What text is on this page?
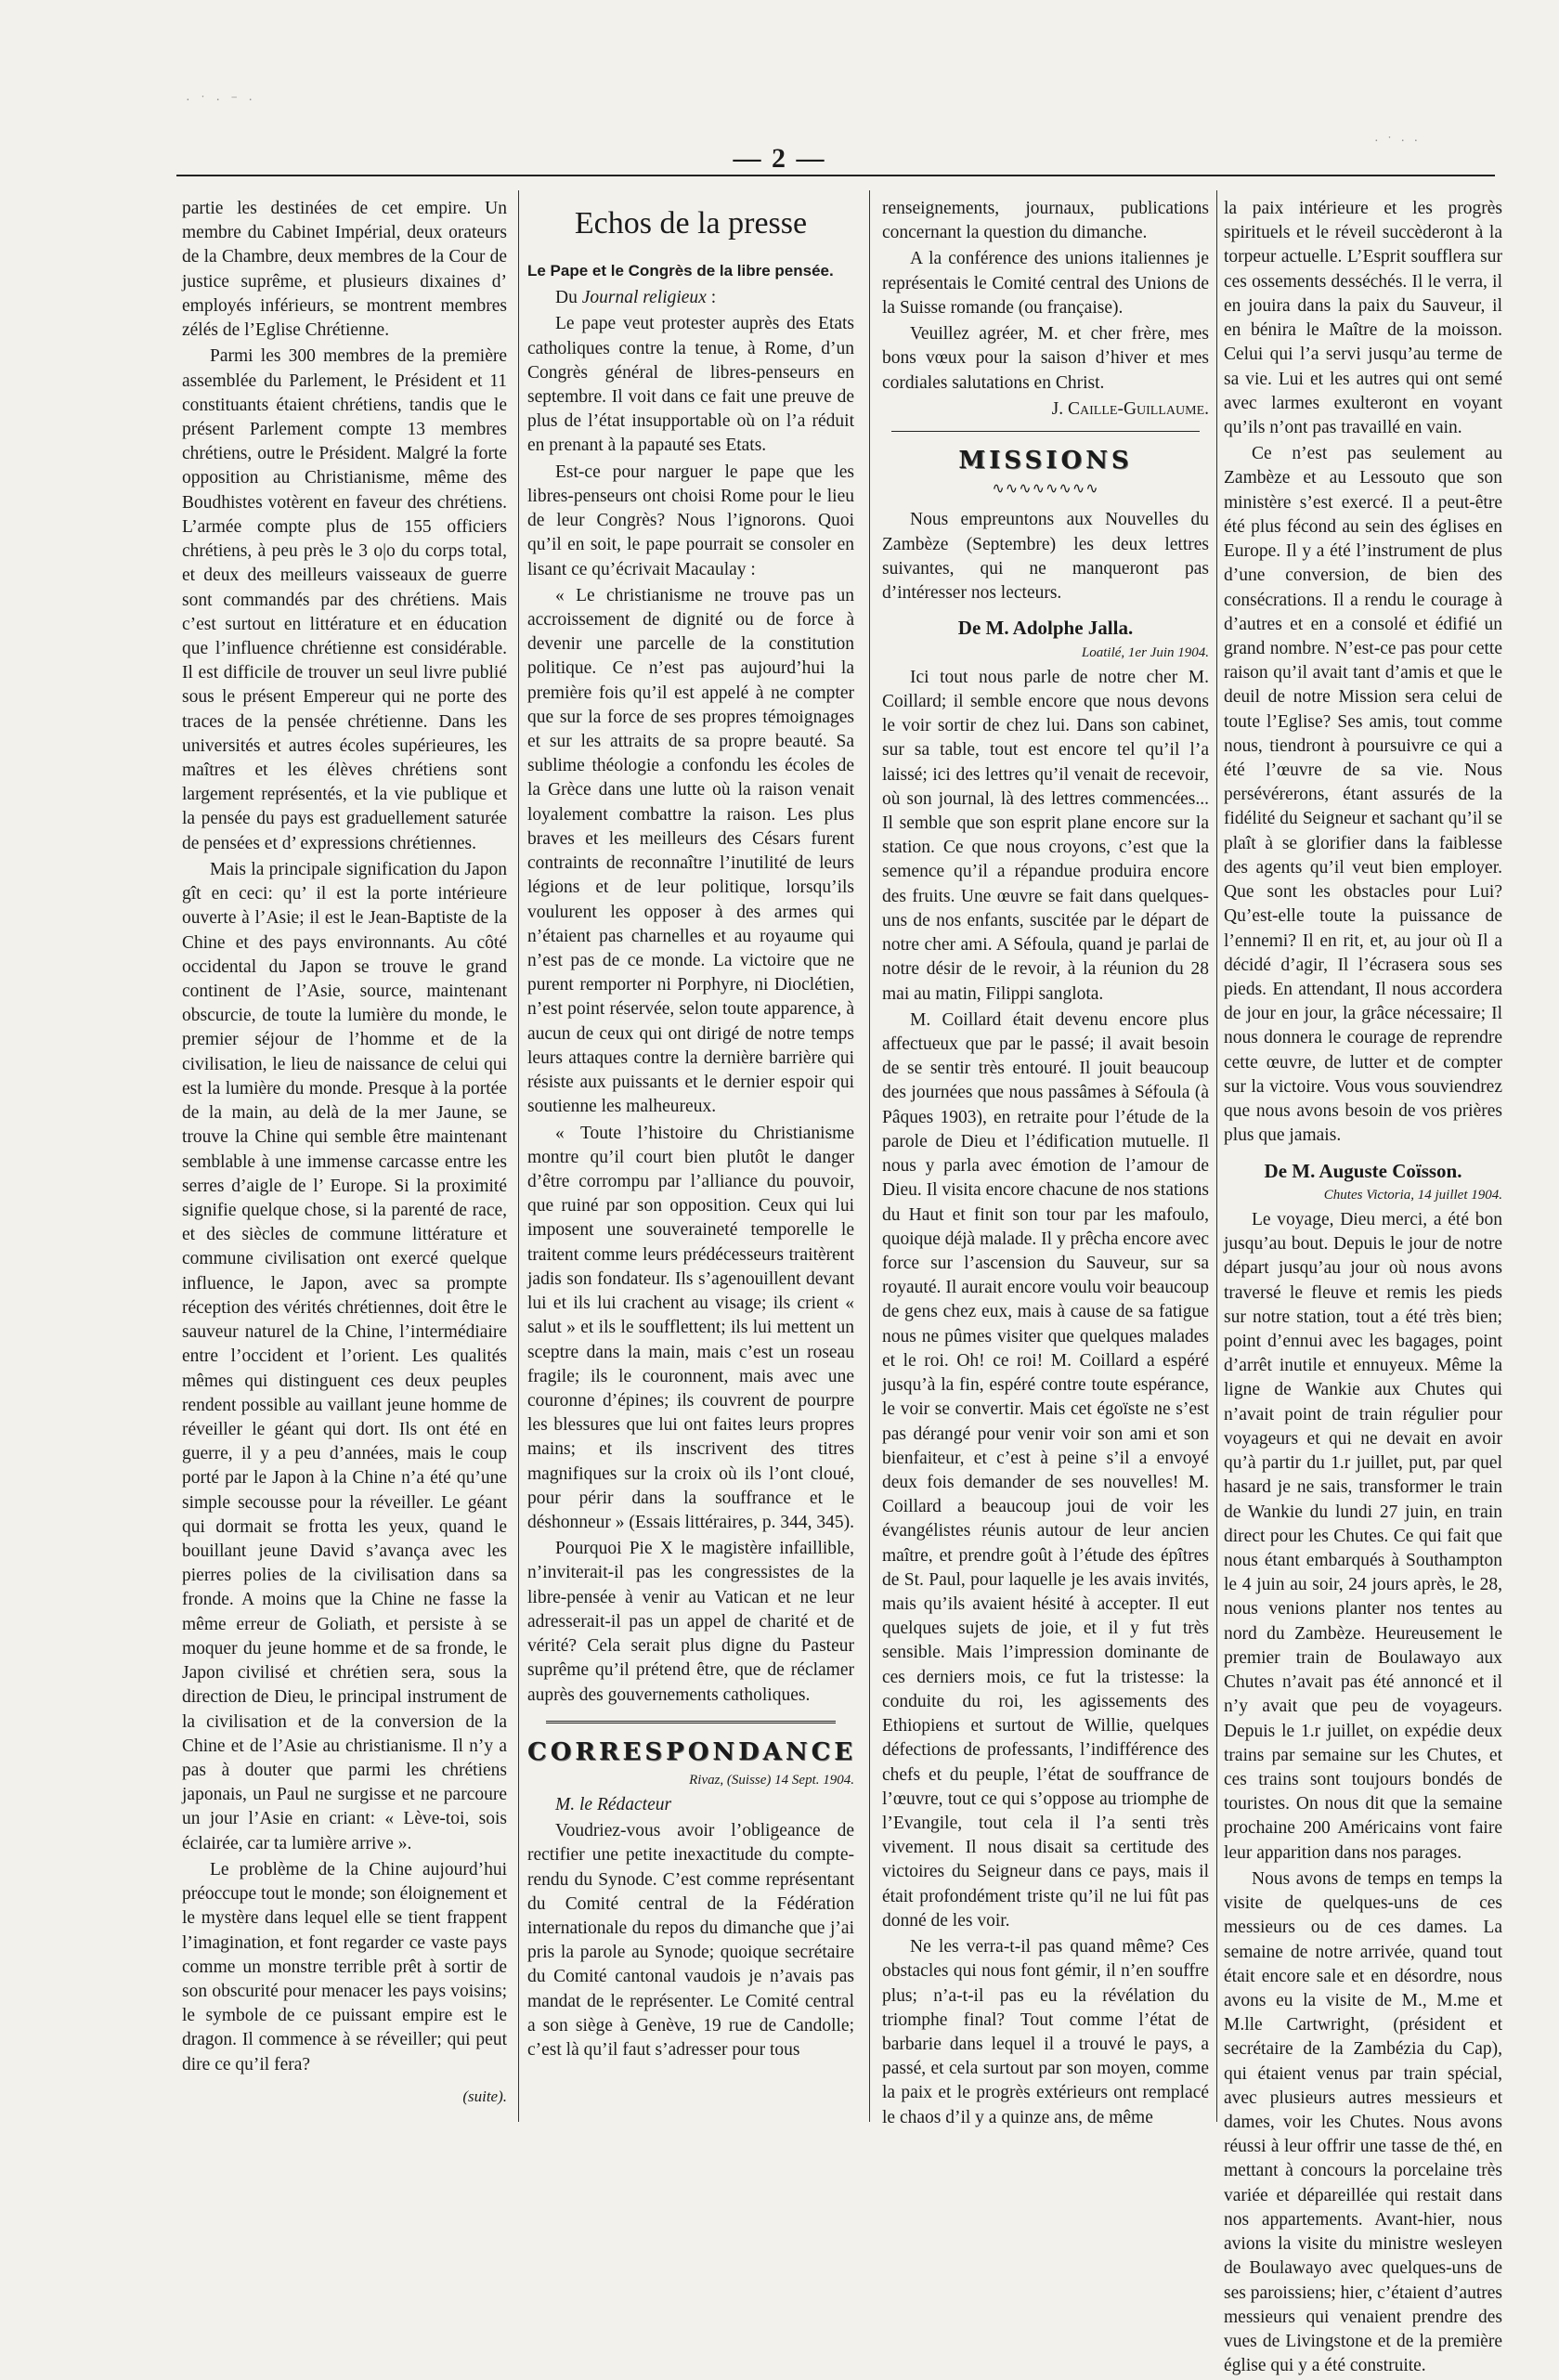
· ˙ · ⁻ ·
· ˙ · ·
— 2 —

partie les destinées de cet empire. Un membre du Cabinet Impérial, deux orateurs de la Chambre, deux membres de la Cour de justice suprême, et plusieurs dixaines d’ employés inférieurs, se montrent membres zélés de l’Eglise Chrétienne.

Parmi les 300 membres de la première assemblée du Parlement, le Président et 11 constituants étaient chrétiens, tandis que le présent Parlement compte 13 membres chrétiens, outre le Président. Malgré la forte opposition au Christianisme, même des Boudhistes votèrent en faveur des chrétiens. L’armée compte plus de 155 officiers chrétiens, à peu près le 3 o|o du corps total, et deux des meilleurs vaisseaux de guerre sont commandés par des chrétiens. Mais c’est surtout en littérature et en éducation que l’influence chrétienne est considérable. Il est difficile de trouver un seul livre publié sous le présent Empereur qui ne porte des traces de la pensée chrétienne. Dans les universités et autres écoles supérieures, les maîtres et les élèves chrétiens sont largement représentés, et la vie publique et la pensée du pays est graduellement saturée de pensées et d’ expressions chrétiennes.

Mais la principale signification du Japon gît en ceci: qu’ il est la porte intérieure ouverte à l’Asie; il est le Jean-Baptiste de la Chine et des pays environnants. Au côté occidental du Japon se trouve le grand continent de l’Asie, source, maintenant obscurcie, de toute la lumière du monde, le premier séjour de l’homme et de la civilisation, le lieu de naissance de celui qui est la lumière du monde. Presque à la portée de la main, au delà de la mer Jaune, se trouve la Chine qui semble être maintenant semblable à une immense carcasse entre les serres d’aigle de l’ Europe. Si la proximité signifie quelque chose, si la parenté de race, et des siècles de commune littérature et commune civilisation ont exercé quelque influence, le Japon, avec sa prompte réception des vérités chrétiennes, doit être le sauveur naturel de la Chine, l’intermédiaire entre l’occident et l’orient. Les qualités mêmes qui distinguent ces deux peuples rendent possible au vaillant jeune homme de réveiller le géant qui dort. Ils ont été en guerre, il y a peu d’années, mais le coup porté par le Japon à la Chine n’a été qu’une simple secousse pour la réveiller. Le géant qui dormait se frotta les yeux, quand le bouillant jeune David s’avança avec les pierres polies de la civilisation dans sa fronde. A moins que la Chine ne fasse la même erreur de Goliath, et persiste à se moquer du jeune homme et de sa fronde, le Japon civilisé et chrétien sera, sous la direction de Dieu, le principal instrument de la civilisation et de la conversion de la Chine et de l’Asie au christianisme. Il n’y a pas à douter que parmi les chrétiens japonais, un Paul ne surgisse et ne parcoure un jour l’Asie en criant: « Lève-toi, sois éclairée, car ta lumière arrive ».

Le problème de la Chine aujourd’hui préoccupe tout le monde; son éloignement et le mystère dans lequel elle se tient frappent l’imagination, et font regarder ce vaste pays comme un monstre terrible prêt à sortir de son obscurité pour menacer les pays voisins; le symbole de ce puissant empire est le dragon. Il commence à se réveiller; qui peut dire ce qu’il fera?

(suite).
Echos de la presse
Le Pape et le Congrès de la libre pensée.

Du Journal religieux :

Le pape veut protester auprès des Etats catholiques contre la tenue, à Rome, d’un Congrès général de libres-penseurs en septembre. Il voit dans ce fait une preuve de plus de l’état insupportable où on l’a réduit en prenant à la papauté ses Etats.

Est-ce pour narguer le pape que les libres-penseurs ont choisi Rome pour le lieu de leur Congrès? Nous l’ignorons. Quoi qu’il en soit, le pape pourrait se consoler en lisant ce qu’écrivait Macaulay :

« Le christianisme ne trouve pas un accroissement de dignité ou de force à devenir une parcelle de la constitution politique. Ce n’est pas aujourd’hui la première fois qu’il est appelé à ne compter que sur la force de ses propres témoignages et sur les attraits de sa propre beauté. Sa sublime théologie a confondu les écoles de la Grèce dans une lutte où la raison venait loyalement combattre la raison. Les plus braves et les meilleurs des Césars furent contraints de reconnaître l’inutilité de leurs légions et de leur politique, lorsqu’ils voulurent les opposer à des armes qui n’étaient pas charnelles et au royaume qui n’est pas de ce monde. La victoire que ne purent remporter ni Porphyre, ni Dioclétien, n’est point réservée, selon toute apparence, à aucun de ceux qui ont dirigé de notre temps leurs attaques contre la dernière barrière qui résiste aux puissants et le dernier espoir qui soutienne les malheureux.

« Toute l’histoire du Christianisme montre qu’il court bien plutôt le danger d’être corrompu par l’alliance du pouvoir, que ruiné par son opposition. Ceux qui lui imposent une souveraineté temporelle le traitent comme leurs prédécesseurs traitèrent jadis son fondateur. Ils s’agenouillent devant lui et ils lui crachent au visage; ils crient « salut » et ils le soufflettent; ils lui mettent un sceptre dans la main, mais c’est un roseau fragile; ils le couronnent, mais avec une couronne d’épines; ils couvrent de pourpre les blessures que lui ont faites leurs propres mains; et ils inscrivent des titres magnifiques sur la croix où ils l’ont cloué, pour périr dans la souffrance et le déshonneur » (Essais littéraires, p. 344, 345).

Pourquoi Pie X le magistère infaillible, n’inviterait-il pas les congressistes de la libre-pensée à venir au Vatican et ne leur adresserait-il pas un appel de charité et de vérité? Cela serait plus digne du Pasteur suprême qu’il prétend être, que de réclamer auprès des gouvernements catholiques.

CORRESPONDANCE
Rivaz, (Suisse) 14 Sept. 1904.

M. le Rédacteur

Voudriez-vous avoir l’obligeance de rectifier une petite inexactitude du compte-rendu du Synode. C’est comme représentant du Comité central de la Fédération internationale du repos du dimanche que j’ai pris la parole au Synode; quoique secrétaire du Comité cantonal vaudois je n’avais pas mandat de le représenter. Le Comité central a son siège à Genève, 19 rue de Candolle; c’est là qu’il faut s’adresser pour tous

renseignements, journaux, publications concernant la question du dimanche.

A la conférence des unions italiennes je représentais le Comité central des Unions de la Suisse romande (ou française).

Veuillez agréer, M. et cher frère, mes bons vœux pour la saison d’hiver et mes cordiales salutations en Christ.

J. Caille-Guillaume.
MISSIONS
∿∿∿∿∿∿∿∿

Nous empreuntons aux Nouvelles du Zambèze (Septembre) les deux lettres suivantes, qui ne manqueront pas d’intéresser nos lecteurs.

De M. Adolphe Jalla.
Loatilé, 1er Juin 1904.

Ici tout nous parle de notre cher M. Coillard; il semble encore que nous devons le voir sortir de chez lui. Dans son cabinet, sur sa table, tout est encore tel qu’il l’a laissé; ici des lettres qu’il venait de recevoir, où son journal, là des lettres commencées... Il semble que son esprit plane encore sur la station. Ce que nous croyons, c’est que la semence qu’il a répandue produira encore des fruits. Une œuvre se fait dans quelques-uns de nos enfants, suscitée par le départ de notre cher ami. A Séfoula, quand je parlai de notre désir de le revoir, à la réunion du 28 mai au matin, Filippi sanglota.

M. Coillard était devenu encore plus affectueux que par le passé; il avait besoin de se sentir très entouré. Il jouit beaucoup des journées que nous passâmes à Séfoula (à Pâques 1903), en retraite pour l’étude de la parole de Dieu et l’édification mutuelle. Il nous y parla avec émotion de l’amour de Dieu. Il visita encore chacune de nos stations du Haut et finit son tour par les mafoulo, quoique déjà malade. Il y prêcha encore avec force sur l’ascension du Sauveur, sur sa royauté. Il aurait encore voulu voir beaucoup de gens chez eux, mais à cause de sa fatigue nous ne pûmes visiter que quelques malades et le roi. Oh! ce roi! M. Coillard a espéré jusqu’à la fin, espéré contre toute espérance, le voir se convertir. Mais cet égoïste ne s’est pas dérangé pour venir voir son ami et son bienfaiteur, et c’est à peine s’il a envoyé deux fois demander de ses nouvelles! M. Coillard a beaucoup joui de voir les évangélistes réunis autour de leur ancien maître, et prendre goût à l’étude des épîtres de St. Paul, pour laquelle je les avais invités, mais qu’ils avaient hésité à accepter. Il eut quelques sujets de joie, et il y fut très sensible. Mais l’impression dominante de ces derniers mois, ce fut la tristesse: la conduite du roi, les agissements des Ethiopiens et surtout de Willie, quelques défections de professants, l’indifférence des chefs et du peuple, l’état de souffrance de l’œuvre, tout ce qui s’oppose au triomphe de l’Evangile, tout cela il l’a senti très vivement. Il nous disait sa certitude des victoires du Seigneur dans ce pays, mais il était profondément triste qu’il ne lui fût pas donné de les voir.

Ne les verra-t-il pas quand même? Ces obstacles qui nous font gémir, il n’en souffre plus; n’a-t-il pas eu la révélation du triomphe final? Tout comme l’état de barbarie dans lequel il a trouvé le pays, a passé, et cela surtout par son moyen, comme la paix et le progrès extérieurs ont remplacé le chaos d’il y a quinze ans, de même

la paix intérieure et les progrès spirituels et le réveil succèderont à la torpeur actuelle. L’Esprit soufflera sur ces ossements desséchés. Il le verra, il en jouira dans la paix du Sauveur, il en bénira le Maître de la moisson. Celui qui l’a servi jusqu’au terme de sa vie. Lui et les autres qui ont semé avec larmes exulteront en voyant qu’ils n’ont pas travaillé en vain.

Ce n’est pas seulement au Zambèze et au Lessouto que son ministère s’est exercé. Il a peut-être été plus fécond au sein des églises en Europe. Il y a été l’instrument de plus d’une conversion, de bien des consécrations. Il a rendu le courage à d’autres et en a consolé et édifié un grand nombre. N’est-ce pas pour cette raison qu’il avait tant d’amis et que le deuil de notre Mission sera celui de toute l’Eglise? Ses amis, tout comme nous, tiendront à poursuivre ce qui a été l’œuvre de sa vie. Nous persévérerons, étant assurés de la fidélité du Seigneur et sachant qu’il se plaît à se glorifier dans la faiblesse des agents qu’il veut bien employer. Que sont les obstacles pour Lui? Qu’est-elle toute la puissance de l’ennemi? Il en rit, et, au jour où Il a décidé d’agir, Il l’écrasera sous ses pieds. En attendant, Il nous accordera de jour en jour, la grâce nécessaire; Il nous donnera le courage de reprendre cette œuvre, de lutter et de compter sur la victoire. Vous vous souviendrez que nous avons besoin de vos prières plus que jamais.

De M. Auguste Coïsson.
Chutes Victoria, 14 juillet 1904.

Le voyage, Dieu merci, a été bon jusqu’au bout. Depuis le jour de notre départ jusqu’au jour où nous avons traversé le fleuve et remis les pieds sur notre station, tout a été très bien; point d’ennui avec les bagages, point d’arrêt inutile et ennuyeux. Même la ligne de Wankie aux Chutes qui n’avait point de train régulier pour voyageurs et qui ne devait en avoir qu’à partir du 1.r juillet, put, par quel hasard je ne sais, transformer le train de Wankie du lundi 27 juin, en train direct pour les Chutes. Ce qui fait que nous étant embarqués à Southampton le 4 juin au soir, 24 jours après, le 28, nous venions planter nos tentes au nord du Zambèze. Heureusement le premier train de Boulawayo aux Chutes n’avait pas été annoncé et il n’y avait que peu de voyageurs. Depuis le 1.r juillet, on expédie deux trains par semaine sur les Chutes, et ces trains sont toujours bondés de touristes. On nous dit que la semaine prochaine 200 Américains vont faire leur apparition dans nos parages.

Nous avons de temps en temps la visite de quelques-uns de ces messieurs ou de ces dames. La semaine de notre arrivée, quand tout était encore sale et en désordre, nous avons eu la visite de M., M.me et M.lle Cartwright, (président et secrétaire de la Zambézia du Cap), qui étaient venus par train spécial, avec plusieurs autres messieurs et dames, voir les Chutes. Nous avons réussi à leur offrir une tasse de thé, en mettant à concours la porcelaine très variée et dépareillée qui restait dans nos appartements. Avant-hier, nous avions la visite du ministre wesleyen de Boulawayo avec quelques-uns de ses paroissiens; hier, c’étaient d’autres messieurs qui venaient prendre des vues de Livingstone et de la première église qui y a été construite.
